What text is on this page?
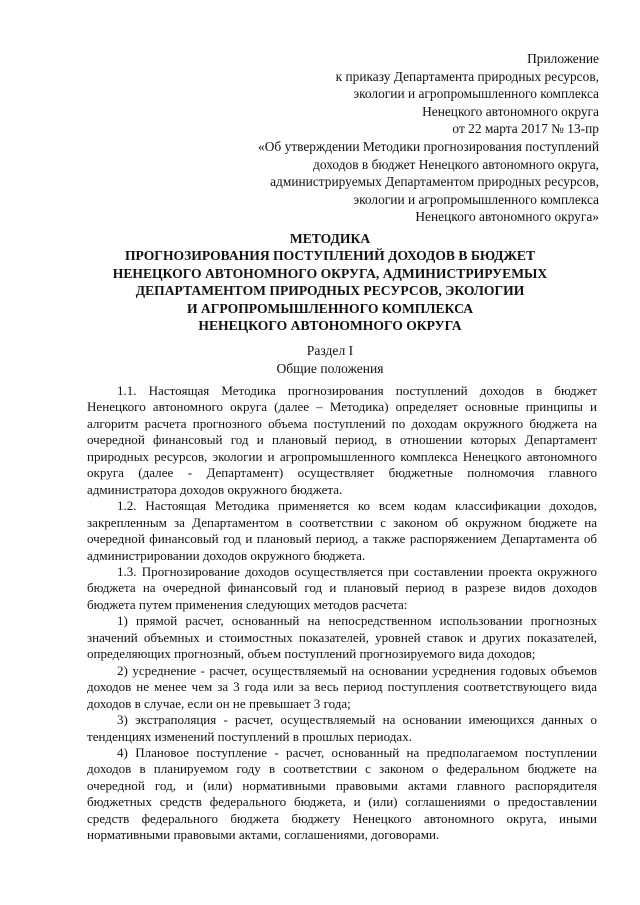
Приложение
к приказу Департамента природных ресурсов,
экологии и агропромышленного комплекса
Ненецкого автономного округа
от 22 марта 2017 № 13-пр
«Об утверждении Методики прогнозирования поступлений
доходов в бюджет Ненецкого автономного округа,
администрируемых Департаментом природных ресурсов,
экологии и агропромышленного комплекса
Ненецкого автономного округа»
МЕТОДИКА
ПРОГНОЗИРОВАНИЯ ПОСТУПЛЕНИЙ ДОХОДОВ В БЮДЖЕТ
НЕНЕЦКОГО АВТОНОМНОГО ОКРУГА, АДМИНИСТРИРУЕМЫХ
ДЕПАРТАМЕНТОМ ПРИРОДНЫХ РЕСУРСОВ, ЭКОЛОГИИ
И АГРОПРОМЫШЛЕННОГО КОМПЛЕКСА
НЕНЕЦКОГО АВТОНОМНОГО ОКРУГА
Раздел I
Общие положения

1.1. Настоящая Методика прогнозирования поступлений доходов в бюджет Ненецкого автономного округа (далее – Методика) определяет основные принципы и алгоритм расчета прогнозного объема поступлений по доходам окружного бюджета на очередной финансовый год и плановый период, в отношении которых Департамент природных ресурсов, экологии и агропромышленного комплекса Ненецкого автономного округа (далее - Департамент) осуществляет бюджетные полномочия главного администратора доходов окружного бюджета.

1.2. Настоящая Методика применяется ко всем кодам классификации доходов, закрепленным за Департаментом в соответствии с законом об окружном бюджете на очередной финансовый год и плановый период, а также распоряжением Департамента об администрировании доходов окружного бюджета.

1.3. Прогнозирование доходов осуществляется при составлении проекта окружного бюджета на очередной финансовый год и плановый период в разрезе видов доходов бюджета путем применения следующих методов расчета:

1) прямой расчет, основанный на непосредственном использовании прогнозных значений объемных и стоимостных показателей, уровней ставок и других показателей, определяющих прогнозный, объем поступлений прогнозируемого вида доходов;

2) усреднение - расчет, осуществляемый на основании усреднения годовых объемов доходов не менее чем за 3 года или за весь период поступления соответствующего вида доходов в случае, если он не превышает 3 года;

3) экстраполяция - расчет, осуществляемый на основании имеющихся данных о тенденциях изменений поступлений в прошлых периодах.

4) Плановое поступление - расчет, основанный на предполагаемом поступлении доходов в планируемом году в соответствии с законом о федеральном бюджете на очередной год, и (или) нормативными правовыми актами главного распорядителя бюджетных средств федерального бюджета, и (или) соглашениями о предоставлении средств федерального бюджета бюджету Ненецкого автономного округа, иными нормативными правовыми актами, соглашениями, договорами.
